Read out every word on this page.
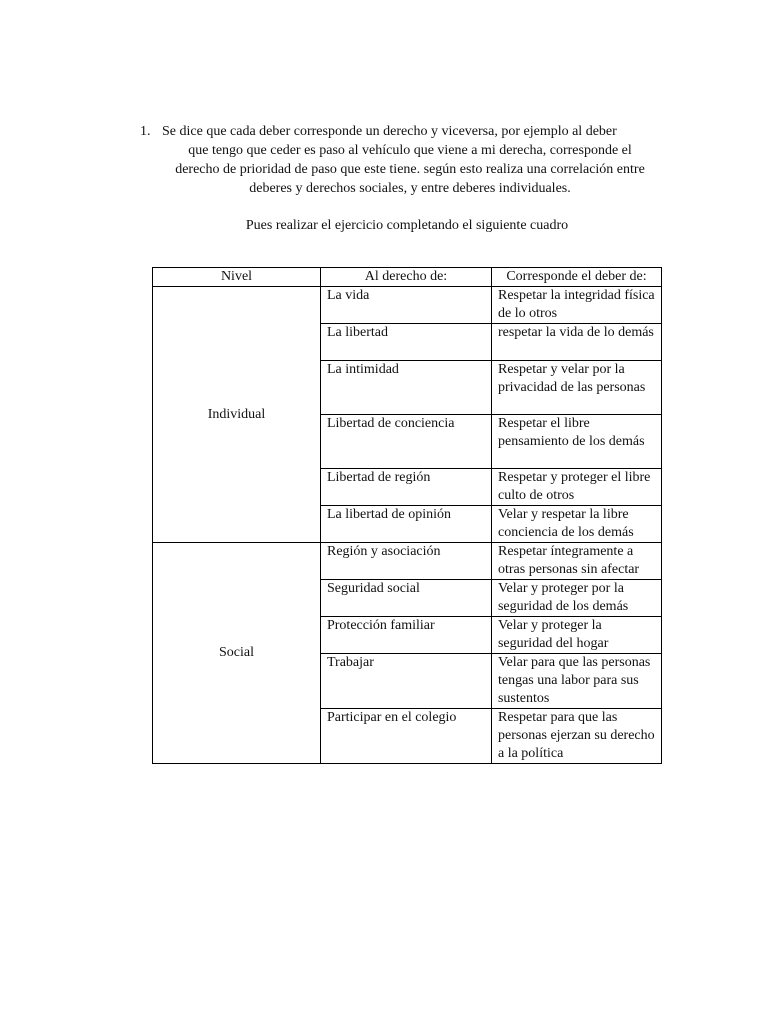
1. Se dice que cada deber corresponde un derecho y viceversa, por ejemplo al deber
que tengo que ceder es paso al vehículo que viene a mi derecha, corresponde el
derecho de prioridad de paso que este tiene. según esto realiza una correlación entre
deberes y derechos sociales, y entre deberes individuales.
Pues realizar el ejercicio completando el siguiente cuadro
Nivel	Al derecho de:	Corresponde el deber de:
Individual	La vida	Respetar la integridad física de lo otros
	La libertad	respetar la vida de lo demás
	La intimidad	Respetar y velar por la privacidad de las personas
	Libertad de conciencia	Respetar el libre pensamiento de los demás
	Libertad de región	Respetar y proteger el libre culto de otros
	La libertad de opinión	Velar y respetar la libre conciencia de los demás
Social	Región y asociación	Respetar íntegramente a otras personas sin afectar
	Seguridad social	Velar y proteger por la seguridad de los demás
	Protección familiar	Velar y proteger la seguridad del hogar
	Trabajar	Velar para que las personas tengas una labor para sus sustentos
	Participar en el colegio	Respetar para que las personas ejerzan su derecho a la política
